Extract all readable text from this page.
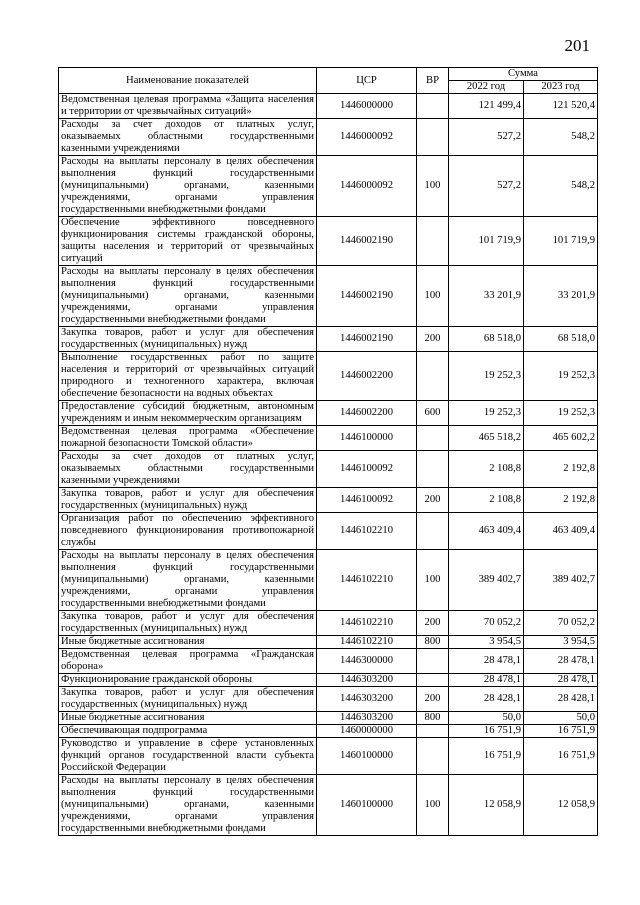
201
Наименование показателей	ЦСР	ВР	Сумма	
			2022 год	2023 год
Ведомственная целевая программа «Защита населения и территории от чрезвычайных ситуаций»	1446000000		121 499,4	121 520,4
Расходы за счет доходов от платных услуг, оказываемых областными государственными казенными учреждениями	1446000092		527,2	548,2
Расходы на выплаты персоналу в целях обеспечения выполнения функций государственными (муниципальными) органами, казенными учреждениями, органами управления государственными внебюджетными фондами	1446000092	100	527,2	548,2
Обеспечение эффективного повседневного функционирования системы гражданской обороны, защиты населения и территорий от чрезвычайных ситуаций	1446002190		101 719,9	101 719,9
Расходы на выплаты персоналу в целях обеспечения выполнения функций государственными (муниципальными) органами, казенными учреждениями, органами управления государственными внебюджетными фондами	1446002190	100	33 201,9	33 201,9
Закупка товаров, работ и услуг для обеспечения государственных (муниципальных) нужд	1446002190	200	68 518,0	68 518,0
Выполнение государственных работ по защите населения и территорий от чрезвычайных ситуаций природного и техногенного характера, включая обеспечение безопасности на водных объектах	1446002200		19 252,3	19 252,3
Предоставление субсидий бюджетным, автономным учреждениям и иным некоммерческим организациям	1446002200	600	19 252,3	19 252,3
Ведомственная целевая программа «Обеспечение пожарной безопасности Томской области»	1446100000		465 518,2	465 602,2
Расходы за счет доходов от платных услуг, оказываемых областными государственными казенными учреждениями	1446100092		2 108,8	2 192,8
Закупка товаров, работ и услуг для обеспечения государственных (муниципальных) нужд	1446100092	200	2 108,8	2 192,8
Организация работ по обеспечению эффективного повседневного функционирования противопожарной службы	1446102210		463 409,4	463 409,4
Расходы на выплаты персоналу в целях обеспечения выполнения функций государственными (муниципальными) органами, казенными учреждениями, органами управления государственными внебюджетными фондами	1446102210	100	389 402,7	389 402,7
Закупка товаров, работ и услуг для обеспечения государственных (муниципальных) нужд	1446102210	200	70 052,2	70 052,2
Иные бюджетные ассигнования	1446102210	800	3 954,5	3 954,5
Ведомственная целевая программа «Гражданская оборона»	1446300000		28 478,1	28 478,1
Функционирование гражданской обороны	1446303200		28 478,1	28 478,1
Закупка товаров, работ и услуг для обеспечения государственных (муниципальных) нужд	1446303200	200	28 428,1	28 428,1
Иные бюджетные ассигнования	1446303200	800	50,0	50,0
Обеспечивающая подпрограмма	1460000000		16 751,9	16 751,9
Руководство и управление в сфере установленных функций органов государственной власти субъекта Российской Федерации	1460100000		16 751,9	16 751,9
Расходы на выплаты персоналу в целях обеспечения выполнения функций государственными (муниципальными) органами, казенными учреждениями, органами управления государственными внебюджетными фондами	1460100000	100	12 058,9	12 058,9
